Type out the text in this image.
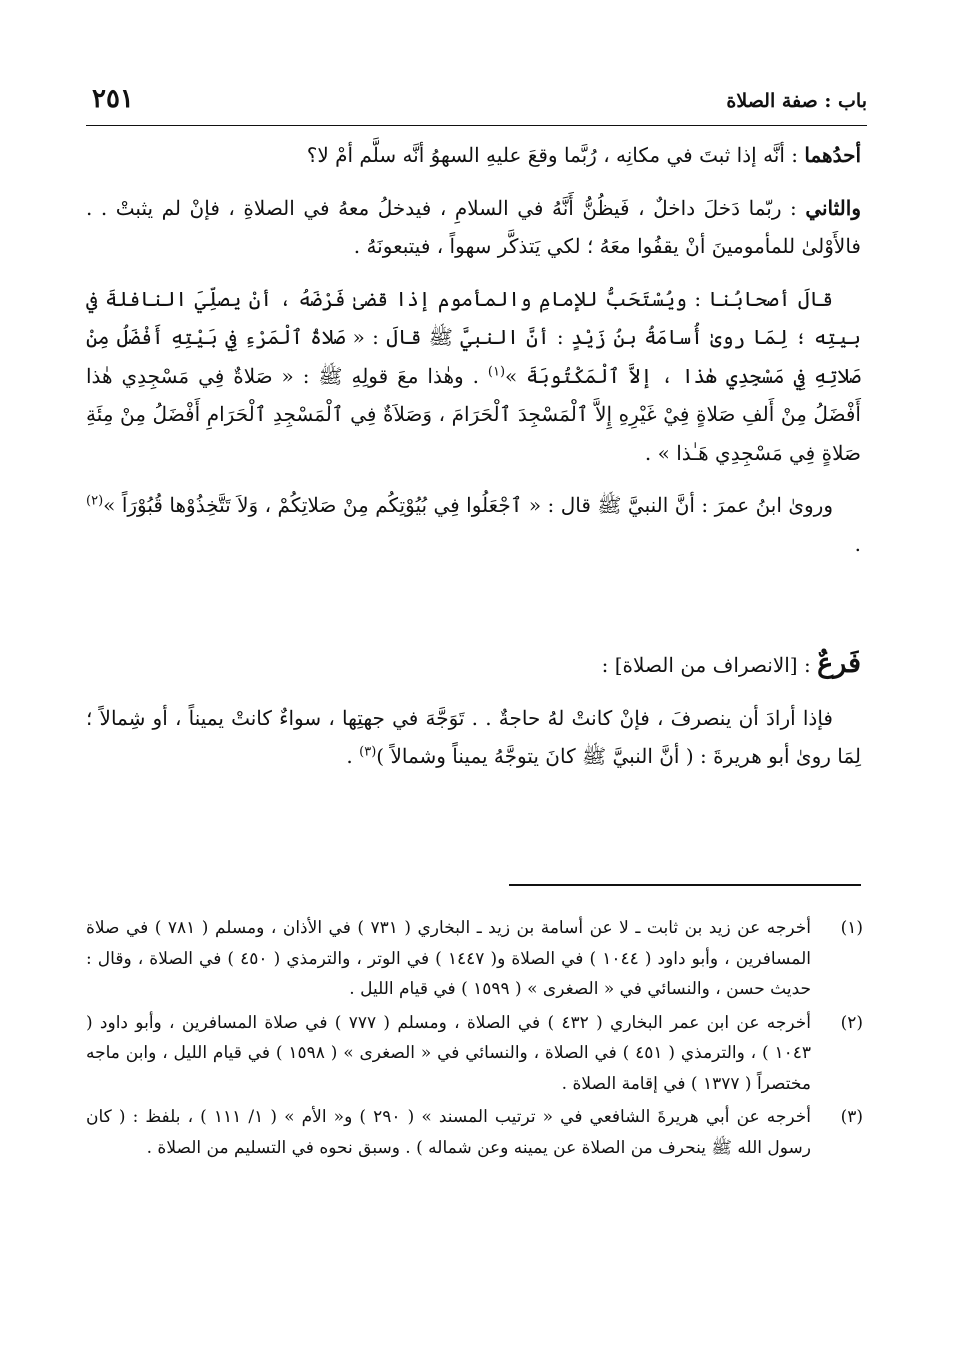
باب : صفة الصلاة
٢٥١

أحدُهما : أنَّه إذا ثبتَ في مكانِه ، رُبَّما وقعَ عليهِ السهوُ أنَّه سلَّم أمْ لا؟

والثاني : ربّما دَخلَ داخلٌ ، فَيظُنُّ أَنَّهُ في السلامِ ، فيدخلُ معهُ في الصلاةِ ، فإنْ لم يثبتْ . . فالأَوْلىٰ للمأمومينَ أنْ يقفُوا معَهُ ؛ لكي يَتذكَّر سهواً ، فيتبعونَهُ .

قالَ أصحابُنا : ويُسْتَحَبُّ للإمامِ والمأموم إذا قضىٰ فَرْضَهُ ، أنْ يصلِّيَ النافلةَ في بيتِه ؛ لِمَا روىٰ أُسامَةُ بنُ زَيْدٍ : أنَّ النبيَّ ﷺ قالَ : « صَلاةُ ٱلْمَرْءِ فِي بَيْتِهِ أَفْضَلُ مِنْ صَلاتِهِ فِي مَسْجِدِي هٰذا ، إلاَّ ٱلْمَكْتُوبَةَ »$^{(١)}$ . وهٰذا معَ قولِهِ ﷺ : « صَلاةٌ فِي مَسْجِدِي هٰذا أَفْضَلُ مِنْ أَلفِ صَلاةٍ فِيْ غَيْرِهِ إِلاَّ ٱلْمَسْجِدَ ٱلْحَرَامَ ، وَصَلاَةٌ فِي ٱلْمَسْجِدِ ٱلْحَرَامِ أَفْضَلُ مِنْ مِئَةِ صَلاةٍ فِي مَسْجِدِي هَـٰذا » .

وروىٰ ابنُ عمرَ : أنَّ النبيَّ ﷺ قال : « ٱجْعَلُوا فِي بُيُوْتِكُم مِنْ صَلاتِكُمْ ، وَلاَ تَتَّخِذُوْها قُبُوْرَاً »$^{(٢)}$ .

فَرعٌ : [الانصراف من الصلاة] :

فإذا أرادَ أن ينصرفَ ، فإنْ كانتْ لهُ حاجةٌ . . تَوَجَّهَ في جهتِها ، سواءٌ كانتْ يميناً ، أو شِمالاً ؛ لِمَا روىٰ أبو هريرةَ : ( أنَّ النبيَّ ﷺ كانَ يتوجَّهُ يميناً وشمالاً )$^{(٣)}$ .

(١)
أخرجه عن زيد بن ثابت ـ لا عن أسامة بن زيد ـ البخاري ( ٧٣١ ) في الأذان ، ومسلم ( ٧٨١ ) في صلاة المسافرين ، وأبو داود ( ١٠٤٤ ) في الصلاة و( ١٤٤٧ ) في الوتر ، والترمذي ( ٤٥٠ ) في الصلاة ، وقال : حديث حسن ، والنسائي في « الصغرى » ( ١٥٩٩ ) في قيام الليل .
(٢)
أخرجه عن ابن عمر البخاري ( ٤٣٢ ) في الصلاة ، ومسلم ( ٧٧٧ ) في صلاة المسافرين ، وأبو داود ( ١٠٤٣ ) ، والترمذي ( ٤٥١ ) في الصلاة ، والنسائي في « الصغرى » ( ١٥٩٨ ) في قيام الليل ، وابن ماجه مختصراً ( ١٣٧٧ ) في إقامة الصلاة .
(٣)
أخرجه عن أبي هريرةَ الشافعي في « ترتيب المسند » ( ٢٩٠ ) و« الأم » ( ١/ ١١١ ) ، بلفظ : ( كان رسول الله ﷺ ينحرف من الصلاة عن يمينه وعن شماله ) . وسبق نحوه في التسليم من الصلاة .
